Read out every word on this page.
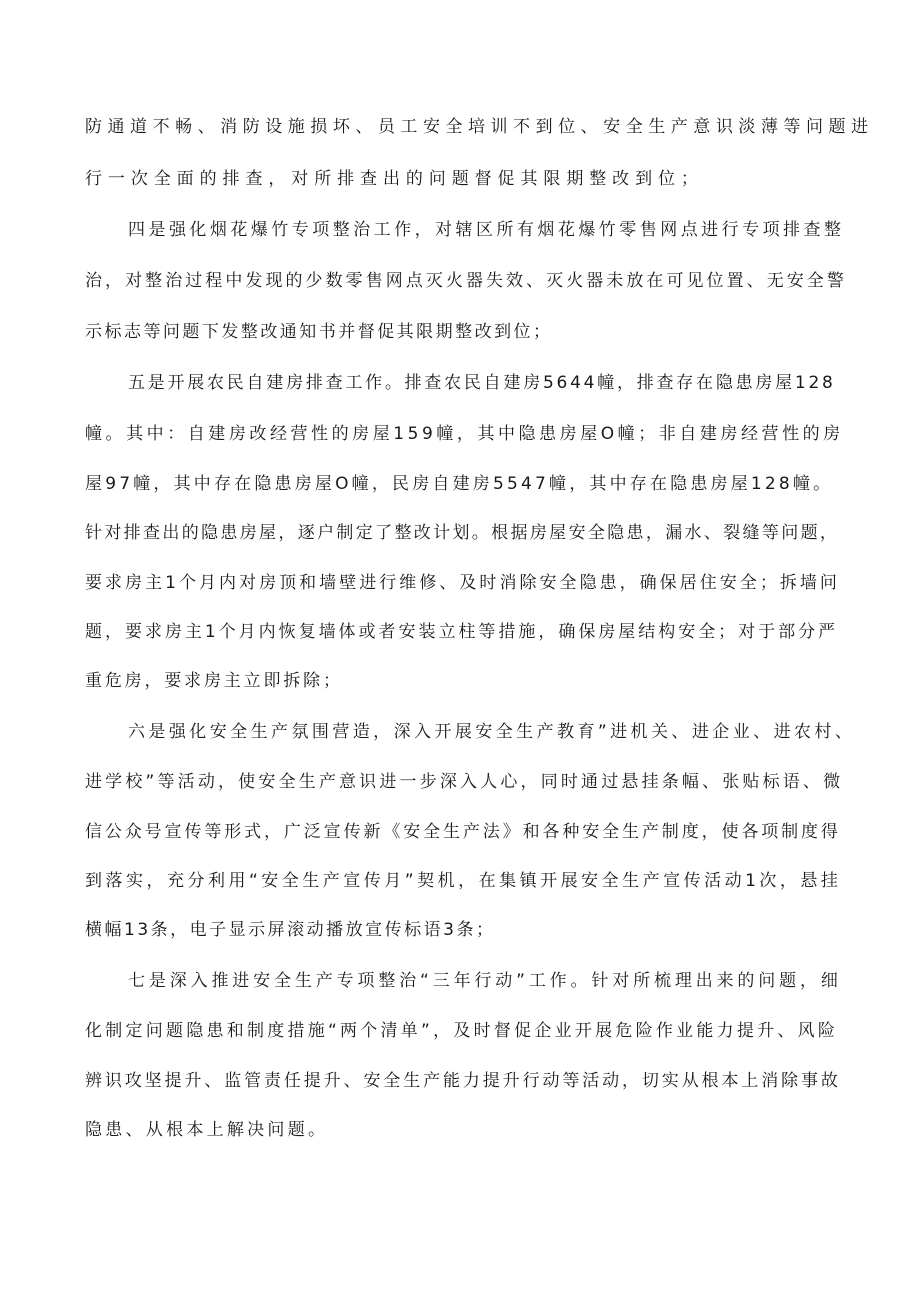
防通道不畅、消防设施损坏、员工安全培训不到位、安全生产意识淡薄等问题进
行一次全面的排查，对所排查出的问题督促其限期整改到位；
四是强化烟花爆竹专项整治工作，对辖区所有烟花爆竹零售网点进行专项排查整
治，对整治过程中发现的少数零售网点灭火器失效、灭火器未放在可见位置、无安全警
示标志等问题下发整改通知书并督促其限期整改到位；
五是开展农民自建房排查工作。排查农民自建房5644幢，排查存在隐患房屋128
幢。其中：自建房改经营性的房屋159幢，其中隐患房屋O幢；非自建房经营性的房
屋97幢，其中存在隐患房屋O幢，民房自建房5547幢，其中存在隐患房屋128幢。
针对排查出的隐患房屋，逐户制定了整改计划。根据房屋安全隐患，漏水、裂缝等问题，
要求房主1个月内对房顶和墙壁进行维修、及时消除安全隐患，确保居住安全；拆墙问
题，要求房主1个月内恢复墙体或者安装立柱等措施，确保房屋结构安全；对于部分严
重危房，要求房主立即拆除；
六是强化安全生产氛围营造，深入开展安全生产教育”进机关、进企业、进农村、
进学校”等活动，使安全生产意识进一步深入人心，同时通过悬挂条幅、张贴标语、微
信公众号宣传等形式，广泛宣传新《安全生产法》和各种安全生产制度，使各项制度得
到落实，充分利用“安全生产宣传月”契机，在集镇开展安全生产宣传活动1次，悬挂
横幅13条，电子显示屏滚动播放宣传标语3条；
七是深入推进安全生产专项整治“三年行动”工作。针对所梳理出来的问题，细
化制定问题隐患和制度措施“两个清单”，及时督促企业开展危险作业能力提升、风险
辨识攻坚提升、监管责任提升、安全生产能力提升行动等活动，切实从根本上消除事故
隐患、从根本上解决问题。
